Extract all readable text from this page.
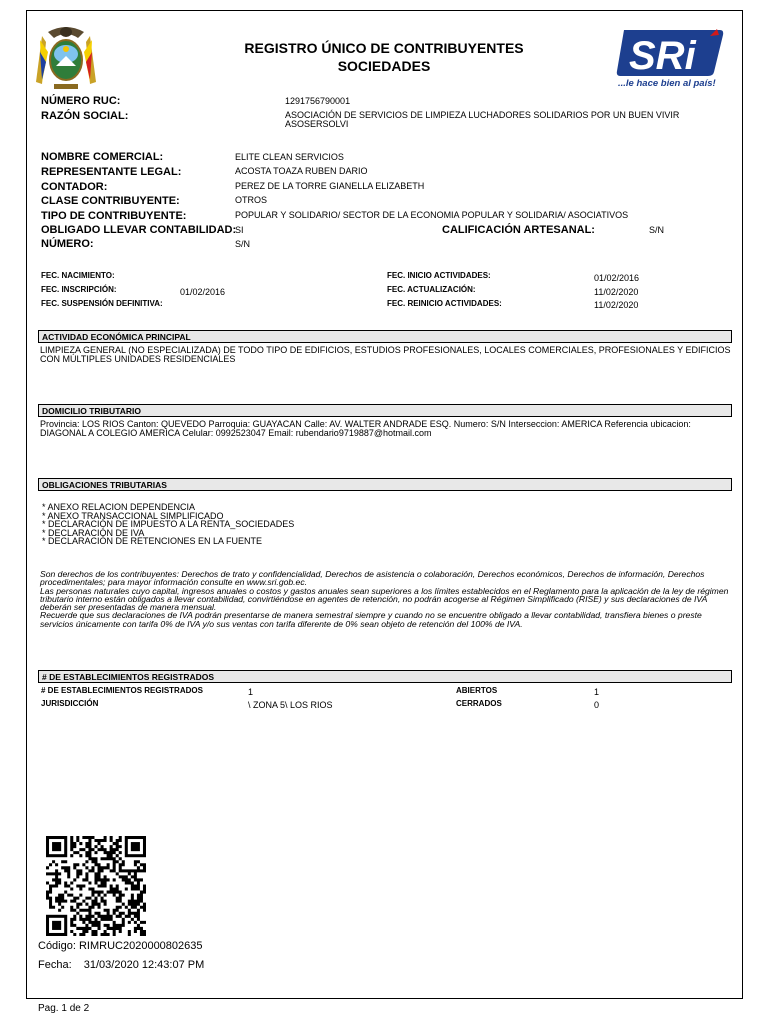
REGISTRO ÚNICO DE CONTRIBUYENTES
SOCIEDADES	SRi
...le hace bien al país!
NÚMERO RUC:	1291756790001
RAZÓN SOCIAL:	ASOCIACIÓN DE SERVICIOS DE LIMPIEZA LUCHADORES SOLIDARIOS POR UN BUEN VIVIR
ASOSERSOLVI
NOMBRE COMERCIAL:	ELITE CLEAN SERVICIOS
REPRESENTANTE LEGAL:	ACOSTA TOAZA RUBEN DARIO
CONTADOR:	PEREZ DE LA TORRE GIANELLA ELIZABETH
CLASE CONTRIBUYENTE:	OTROS
TIPO DE CONTRIBUYENTE:	POPULAR Y SOLIDARIO/ SECTOR DE LA ECONOMIA POPULAR Y SOLIDARIA/ ASOCIATIVOS
OBLIGADO LLEVAR CONTABILIDAD:
SI	CALIFICACIÓN ARTESANAL:	S/N
NÚMERO:	S/N
FEC. NACIMIENTO:
FEC. INSCRIPCIÓN:	01/02/2016
FEC. SUSPENSIÓN DEFINITIVA:
FEC. INICIO ACTIVIDADES:	01/02/2016
FEC. ACTUALIZACIÓN:	11/02/2020
FEC. REINICIO ACTIVIDADES:	11/02/2020
ACTIVIDAD ECONÓMICA PRINCIPAL
LIMPIEZA GENERAL (NO ESPECIALIZADA) DE TODO TIPO DE EDIFICIOS, ESTUDIOS PROFESIONALES, LOCALES COMERCIALES, PROFESIONALES Y EDIFICIOS CON MÚLTIPLES UNIDADES RESIDENCIALES
DOMICILIO TRIBUTARIO
Provincia: LOS RIOS Canton: QUEVEDO Parroquia: GUAYACAN Calle: AV. WALTER ANDRADE ESQ. Numero: S/N Interseccion: AMERICA Referencia ubicacion: DIAGONAL A COLEGIO AMERICA Celular: 0992523047 Email: rubendario9719887@hotmail.com
OBLIGACIONES TRIBUTARIAS
* ANEXO RELACION DEPENDENCIA
* ANEXO TRANSACCIONAL SIMPLIFICADO
* DECLARACIÓN DE IMPUESTO A LA RENTA_SOCIEDADES
* DECLARACIÓN DE IVA
* DECLARACIÓN DE RETENCIONES EN LA FUENTE
Son derechos de los contribuyentes: Derechos de trato y confidencialidad, Derechos de asistencia o colaboración, Derechos económicos, Derechos de información, Derechos procedimentales; para mayor información consulte en www.sri.gob.ec.
Las personas naturales cuyo capital, ingresos anuales o costos y gastos anuales sean superiores a los límites establecidos en el Reglamento para la aplicación de la ley de régimen tributario interno están obligados a llevar contabilidad, convirtiéndose en agentes de retención, no podrán acogerse al Régimen Simplificado (RISE) y sus declaraciones de IVA deberán ser presentadas de manera mensual.
Recuerde que sus declaraciones de IVA podrán presentarse de manera semestral siempre y cuando no se encuentre obligado a llevar contabilidad, transfiera bienes o preste servicios únicamente con tarifa 0% de IVA y/o sus ventas con tarifa diferente de 0% sean objeto de retención del 100% de IVA.
# DE ESTABLECIMIENTOS REGISTRADOS
# DE ESTABLECIMIENTOS REGISTRADOS	1
JURISDICCIÓN	\ ZONA 5\ LOS RIOS
ABIERTOS	1
CERRADOS	0
Código: RIMRUC2020000802635
Fecha: 31/03/2020 12:43:07 PM
Pag. 1 de 2
